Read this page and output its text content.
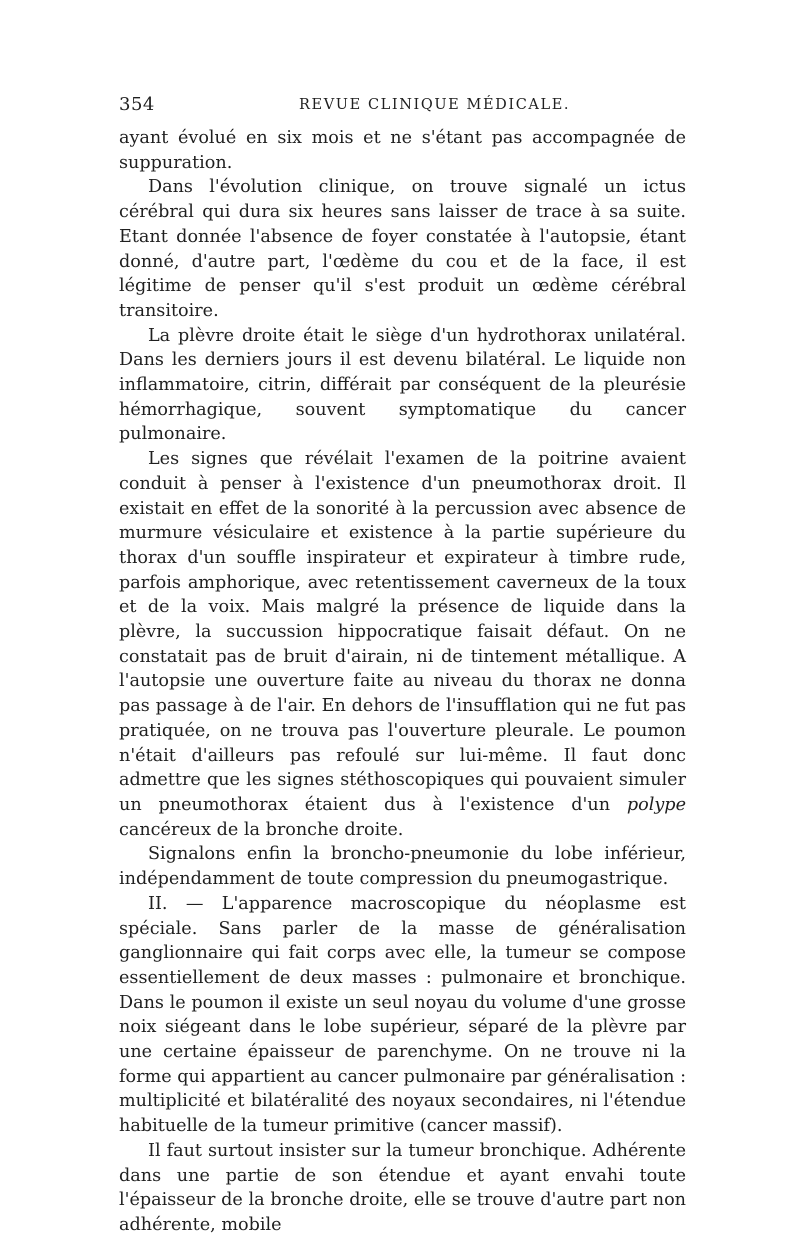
354	REVUE CLINIQUE MÉDICALE.

ayant évolué en six mois et ne s'étant pas accompagnée de suppuration.

Dans l'évolution clinique, on trouve signalé un ictus cérébral qui dura six heures sans laisser de trace à sa suite. Etant donnée l'absence de foyer constatée à l'autopsie, étant donné, d'autre part, l'œdème du cou et de la face, il est légitime de penser qu'il s'est produit un œdème cérébral transitoire.

La plèvre droite était le siège d'un hydrothorax unilatéral. Dans les derniers jours il est devenu bilatéral. Le liquide non inflammatoire, citrin, différait par conséquent de la pleurésie hémorrhagique, souvent symptomatique du cancer pulmonaire.

Les signes que révélait l'examen de la poitrine avaient conduit à penser à l'existence d'un pneumothorax droit. Il existait en effet de la sonorité à la percussion avec absence de murmure vésiculaire et existence à la partie supérieure du thorax d'un souffle inspirateur et expirateur à timbre rude, parfois amphorique, avec retentissement caverneux de la toux et de la voix. Mais malgré la présence de liquide dans la plèvre, la succussion hippocratique faisait défaut. On ne constatait pas de bruit d'airain, ni de tintement métallique. A l'autopsie une ouverture faite au niveau du thorax ne donna pas passage à de l'air. En dehors de l'insufflation qui ne fut pas pratiquée, on ne trouva pas l'ouverture pleurale. Le poumon n'était d'ailleurs pas refoulé sur lui-même. Il faut donc admettre que les signes stéthoscopiques qui pouvaient simuler un pneumothorax étaient dus à l'existence d'un polype cancéreux de la bronche droite.

Signalons enfin la broncho-pneumonie du lobe inférieur, indépendamment de toute compression du pneumogastrique.

II. — L'apparence macroscopique du néoplasme est spéciale. Sans parler de la masse de généralisation ganglionnaire qui fait corps avec elle, la tumeur se compose essentiellement de deux masses : pulmonaire et bronchique. Dans le poumon il existe un seul noyau du volume d'une grosse noix siégeant dans le lobe supérieur, séparé de la plèvre par une certaine épaisseur de parenchyme. On ne trouve ni la forme qui appartient au cancer pulmonaire par généralisation : multiplicité et bilatéralité des noyaux secondaires, ni l'étendue habituelle de la tumeur primitive (cancer massif).

Il faut surtout insister sur la tumeur bronchique. Adhérente dans une partie de son étendue et ayant envahi toute l'épaisseur de la bronche droite, elle se trouve d'autre part non adhérente, mobile
